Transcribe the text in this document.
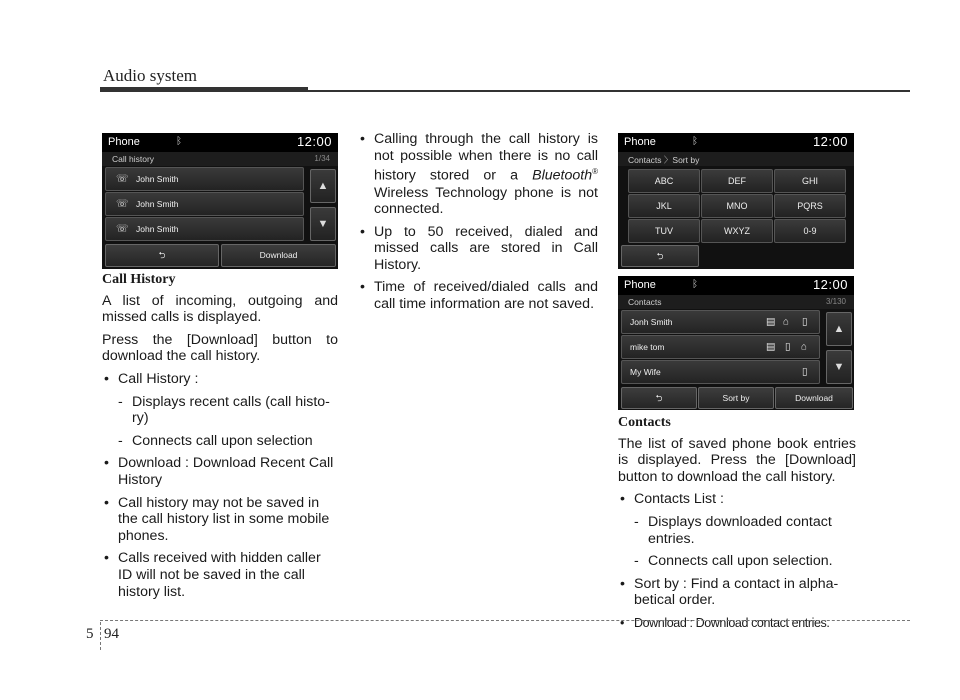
Audio system
Phone	ᛒ	12:00
Call history	1/34
☏ John Smith
☏ John Smith
☏ John Smith
▲
▼
⮌	Download
Phone	ᛒ	12:00
Contacts 〉Sort by
ABC	DEF	GHI
JKL	MNO	PQRS
TUV	WXYZ	0-9
⮌
Phone	ᛒ	12:00
Contacts	3/130
Jonh Smith	▤ ⌂ ▯
mike tom	▤ ▯ ⌂
My Wife	▯
▲
▼
⮌	Sort by	Download

Call History

A list of incoming, outgoing and missed calls is displayed.

Press the [Download] button to download the call history.

• Call History :
- Displays recent calls (call histo- ry)
- Connects call upon selection
• Download : Download Recent Call History
• Call history may not be saved in the call history list in some mobile phones.
• Calls received with hidden caller ID will not be saved in the call history list.
• Calling through the call history is not possible when there is no call history stored or a Bluetooth® Wireless Technology phone is not connected.
• Up to 50 received, dialed and missed calls are stored in Call History.
• Time of received/dialed calls and call time information are not saved.

Contacts

The list of saved phone book entries is displayed. Press the [Download] button to download the call history.

• Contacts List :
- Displays downloaded contact entries.
- Connects call upon selection.
• Sort by : Find a contact in alpha- betical order.
• Download : Download contact entries.
5 94
